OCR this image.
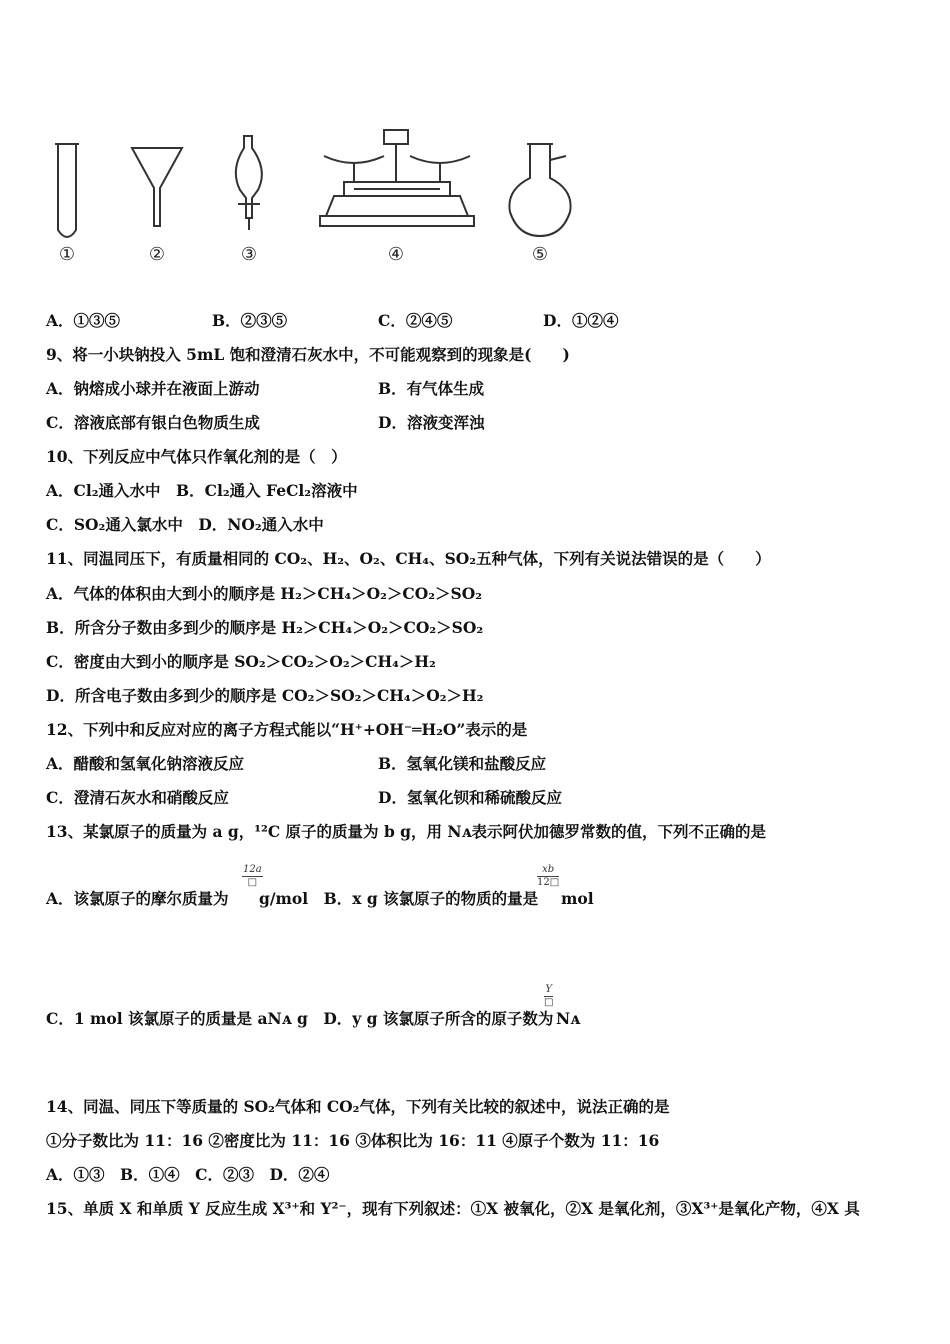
①	②	③	④	⑤
A．①③⑤	B．②③⑤	C．②④⑤	D．①②④
9、将一小块钠投入 5mL 饱和澄清石灰水中，不可能观察到的现象是(　　)
A．钠熔成小球并在液面上游动	B．有气体生成
C．溶液底部有银白色物质生成	D．溶液变浑浊
10、下列反应中气体只作氧化剂的是（　）
A．Cl₂通入水中　B．Cl₂通入 FeCl₂溶液中
C．SO₂通入氯水中　D．NO₂通入水中
11、同温同压下，有质量相同的 CO₂、H₂、O₂、CH₄、SO₂五种气体，下列有关说法错误的是（　　）
A．气体的体积由大到小的顺序是 H₂＞CH₄＞O₂＞CO₂＞SO₂
B．所含分子数由多到少的顺序是 H₂＞CH₄＞O₂＞CO₂＞SO₂
C．密度由大到小的顺序是 SO₂＞CO₂＞O₂＞CH₄＞H₂
D．所含电子数由多到少的顺序是 CO₂＞SO₂＞CH₄＞O₂＞H₂
12、下列中和反应对应的离子方程式能以“H⁺+OH⁻═H₂O”表示的是
A．醋酸和氢氧化钠溶液反应	B．氢氧化镁和盐酸反应
C．澄清石灰水和硝酸反应	D．氢氧化钡和稀硫酸反应
13、某氯原子的质量为 a g，¹²C 原子的质量为 b g，用 Nᴀ表示阿伏加德罗常数的值，下列不正确的是
A．该氯原子的摩尔质量为
12a
□
g/mol　B．x g 该氯原子的物质的量是
$\frac{xb}{12□}$
mol
C．1 mol 该氯原子的质量是 aNᴀ g　D．y g 该氯原子所含的原子数为
Y
□
Nᴀ
14、同温、同压下等质量的 SO₂气体和 CO₂气体，下列有关比较的叙述中，说法正确的是
①分子数比为 11：16 ②密度比为 11：16 ③体积比为 16：11 ④原子个数为 11：16
A．①③　B．①④　C．②③　D．②④
15、单质 X 和单质 Y 反应生成 X³⁺和 Y²⁻，现有下列叙述：①X 被氧化，②X 是氧化剂，③X³⁺是氧化产物，④X 具
